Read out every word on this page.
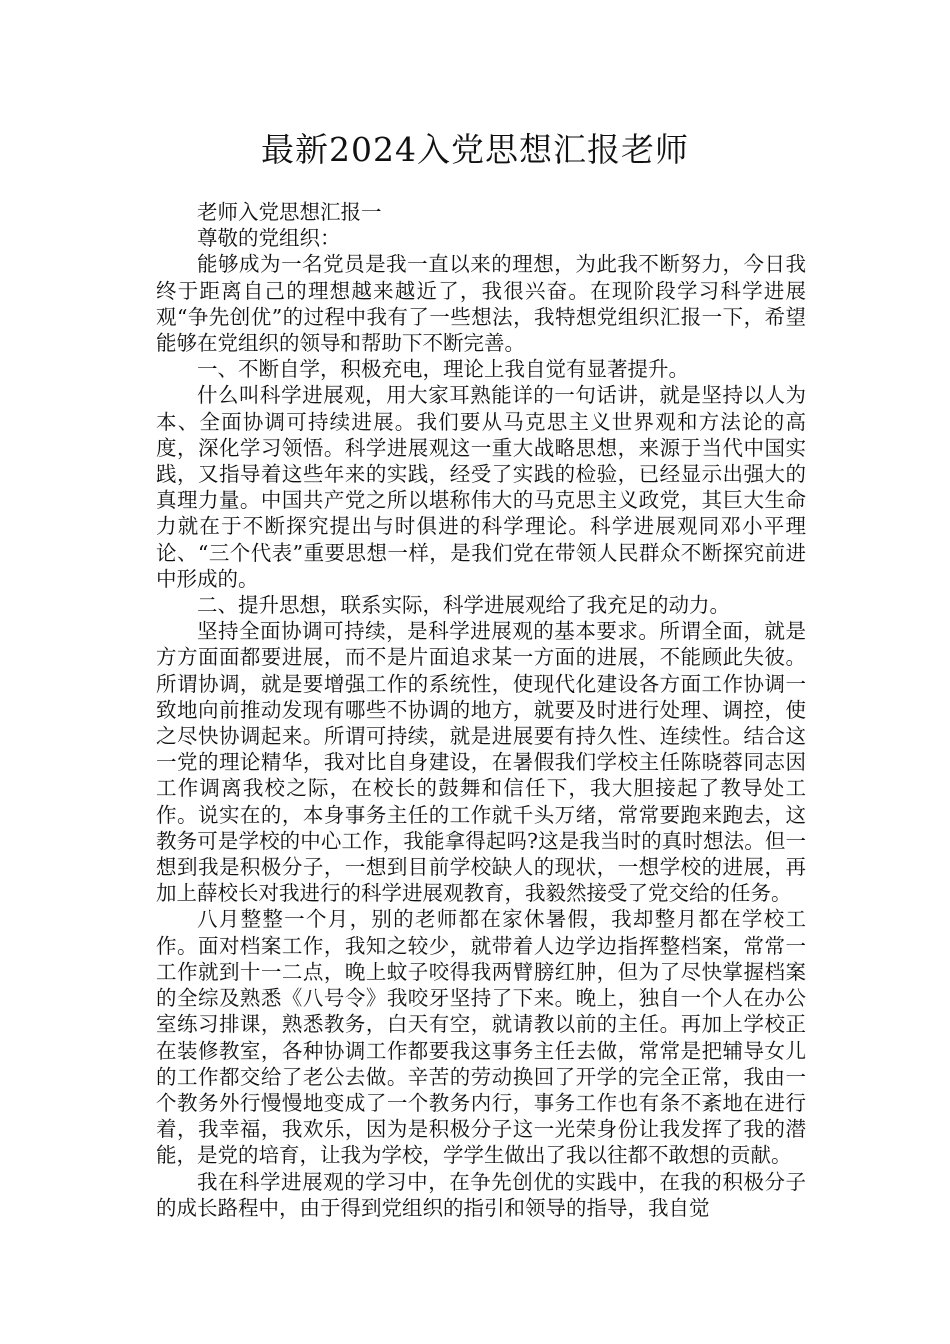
最新2024入党思想汇报老师

老师入党思想汇报一

尊敬的党组织：

能够成为一名党员是我一直以来的理想，为此我不断努力，今日我终于距离自己的理想越来越近了，我很兴奋。在现阶段学习科学进展观“争先创优”的过程中我有了一些想法，我特想党组织汇报一下，希望能够在党组织的领导和帮助下不断完善。

一、不断自学，积极充电，理论上我自觉有显著提升。

什么叫科学进展观，用大家耳熟能详的一句话讲，就是坚持以人为本、全面协调可持续进展。我们要从马克思主义世界观和方法论的高度，深化学习领悟。科学进展观这一重大战略思想，来源于当代中国实践，又指导着这些年来的实践，经受了实践的检验，已经显示出强大的真理力量。中国共产党之所以堪称伟大的马克思主义政党，其巨大生命力就在于不断探究提出与时俱进的科学理论。科学进展观同邓小平理论、“三个代表”重要思想一样，是我们党在带领人民群众不断探究前进中形成的。

二、提升思想，联系实际，科学进展观给了我充足的动力。

坚持全面协调可持续，是科学进展观的基本要求。所谓全面，就是方方面面都要进展，而不是片面追求某一方面的进展，不能顾此失彼。所谓协调，就是要增强工作的系统性，使现代化建设各方面工作协调一致地向前推动发现有哪些不协调的地方，就要及时进行处理、调控，使之尽快协调起来。所谓可持续，就是进展要有持久性、连续性。结合这一党的理论精华，我对比自身建设，在暑假我们学校主任陈晓蓉同志因工作调离我校之际，在校长的鼓舞和信任下，我大胆接起了教导处工作。说实在的，本身事务主任的工作就千头万绪，常常要跑来跑去，这教务可是学校的中心工作，我能拿得起吗?这是我当时的真时想法。但一想到我是积极分子，一想到目前学校缺人的现状，一想学校的进展，再加上薛校长对我进行的科学进展观教育，我毅然接受了党交给的任务。

八月整整一个月，别的老师都在家休暑假，我却整月都在学校工作。面对档案工作，我知之较少，就带着人边学边指挥整档案，常常一工作就到十一二点，晚上蚊子咬得我两臂膀红肿，但为了尽快掌握档案的全综及熟悉《八号令》我咬牙坚持了下来。晚上，独自一个人在办公室练习排课，熟悉教务，白天有空，就请教以前的主任。再加上学校正在装修教室，各种协调工作都要我这事务主任去做，常常是把辅导女儿的工作都交给了老公去做。辛苦的劳动换回了开学的完全正常，我由一个教务外行慢慢地变成了一个教务内行，事务工作也有条不紊地在进行着，我幸福，我欢乐，因为是积极分子这一光荣身份让我发挥了我的潜能，是党的培育，让我为学校，学学生做出了我以往都不敢想的贡献。

我在科学进展观的学习中，在争先创优的实践中，在我的积极分子的成长路程中，由于得到党组织的指引和领导的指导，我自觉
